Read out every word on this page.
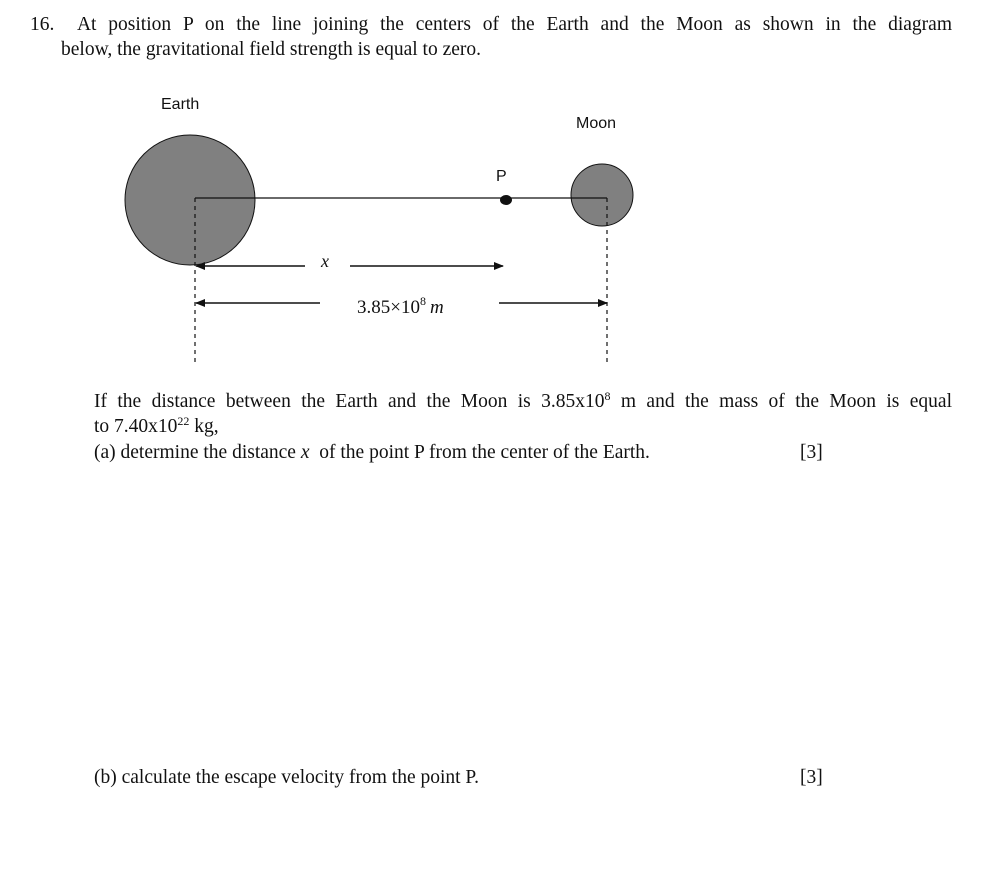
16. At position P on the line joining the centers of the Earth and the Moon as shown in the diagram
below, the gravitational field strength is equal to zero.
Earth
Moon
P
x
$3.85\times 10^8$ m
If the distance between the Earth and the Moon is $3.85x10^8$ m and the mass of the Moon is equal
to $7.40x10^{22}$ kg,
(a) determine the distance x  of the point P from the center of the Earth.	[3]
(b) calculate the escape velocity from the point P.	[3]
